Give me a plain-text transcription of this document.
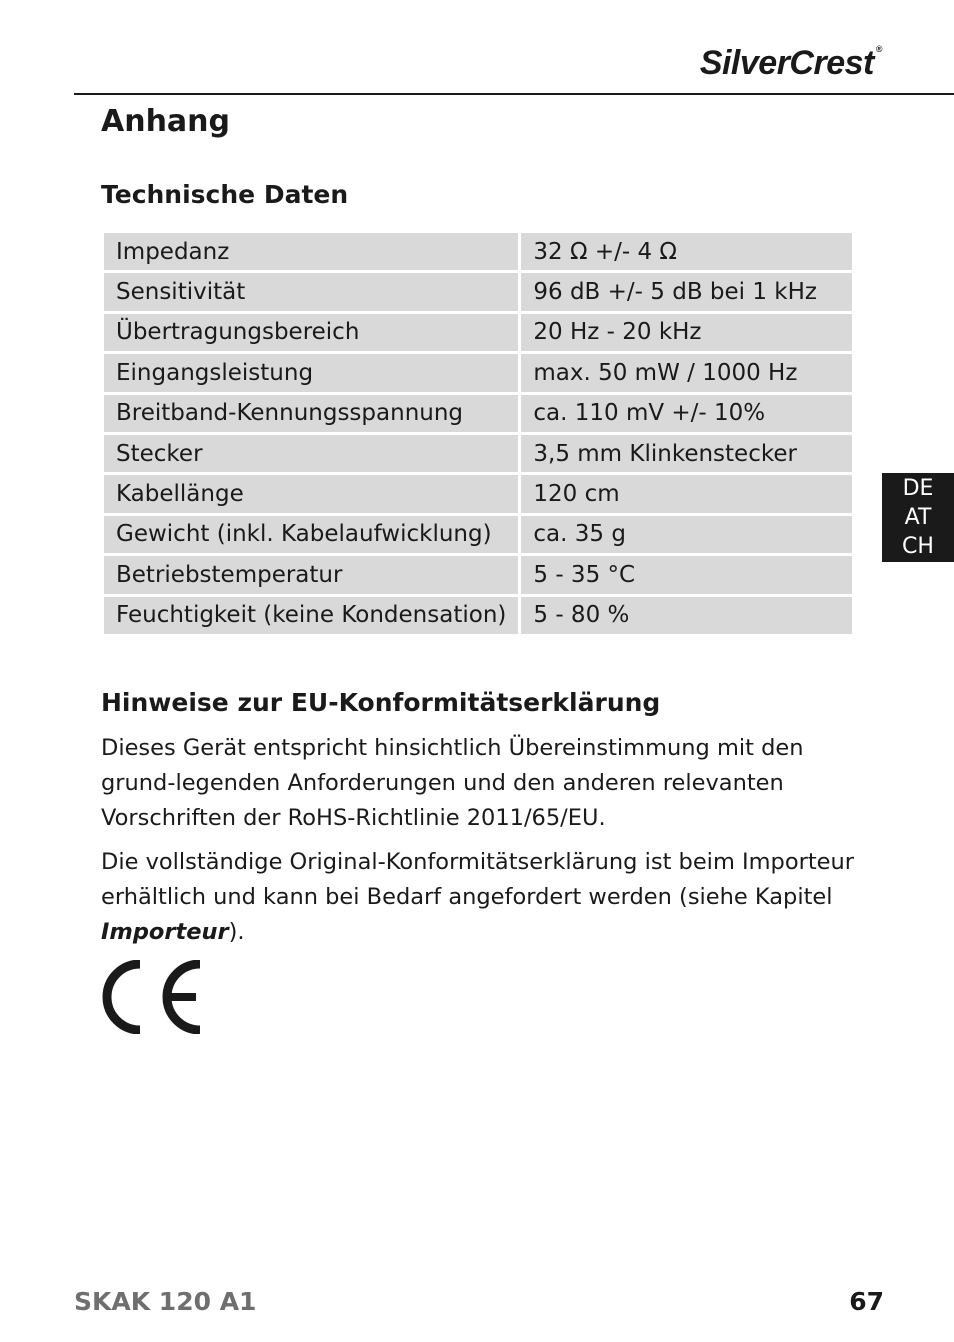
SilverCrest ®
Anhang
Technische Daten
Impedanz	32 Ω +/- 4 Ω
Sensitivität	96 dB +/- 5 dB bei 1 kHz
Übertragungsbereich	20 Hz - 20 kHz
Eingangsleistung	max. 50 mW / 1000 Hz
Breitband-Kennungsspannung	ca. 110 mV +/- 10%
Stecker	3,5 mm Klinkenstecker
Kabellänge	120 cm
Gewicht (inkl. Kabelaufwicklung)	ca. 35 g
Betriebstemperatur	5 - 35 °C
Feuchtigkeit (keine Kondensation)	5 - 80 %
Hinweise zur EU-Konformitätserklärung

Dieses Gerät entspricht hinsichtlich Übereinstimmung mit den grund-legenden Anforderungen und den anderen relevanten Vorschriften der RoHS-Richtlinie 2011/65/EU.

Die vollständige Original-Konformitätserklärung ist beim Importeur erhältlich und kann bei Bedarf angefordert werden (siehe Kapitel Importeur).

DE
AT
CH
SKAK 120 A1	67
